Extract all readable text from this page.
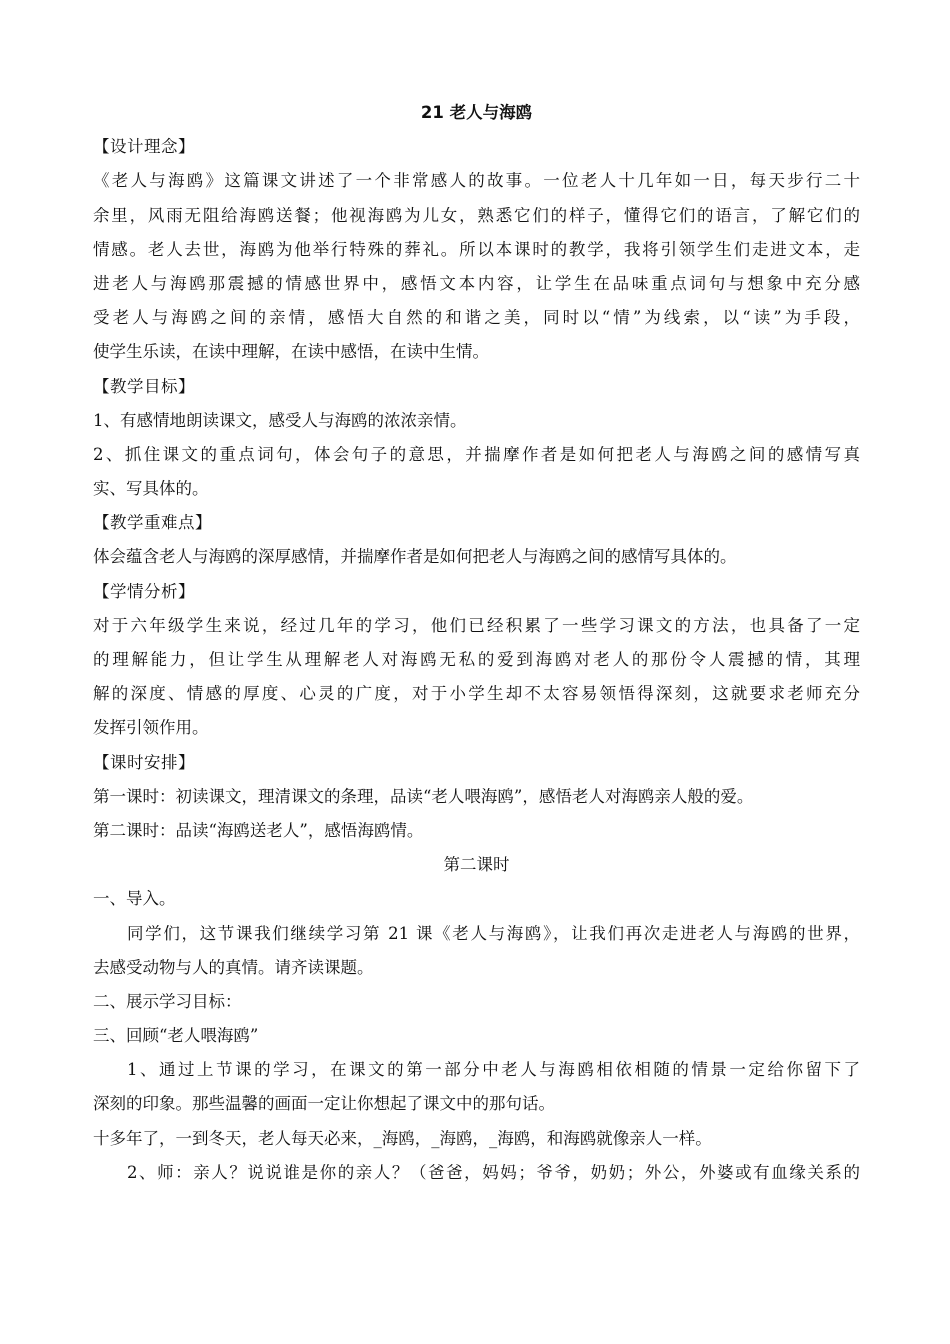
21 老人与海鸥
【设计理念】
《老人与海鸥》这篇课文讲述了一个非常感人的故事。一位老人十几年如一日，每天步行二十
余里，风雨无阻给海鸥送餐；他视海鸥为儿女，熟悉它们的样子，懂得它们的语言，了解它们的
情感。老人去世，海鸥为他举行特殊的葬礼。所以本课时的教学，我将引领学生们走进文本，走
进老人与海鸥那震撼的情感世界中，感悟文本内容，让学生在品味重点词句与想象中充分感
受老人与海鸥之间的亲情，感悟大自然的和谐之美，同时以“情”为线索，以“读”为手段，
使学生乐读，在读中理解，在读中感悟，在读中生情。
【教学目标】
1、有感情地朗读课文，感受人与海鸥的浓浓亲情。
2、抓住课文的重点词句，体会句子的意思，并揣摩作者是如何把老人与海鸥之间的感情写真
实、写具体的。
【教学重难点】
体会蕴含老人与海鸥的深厚感情，并揣摩作者是如何把老人与海鸥之间的感情写具体的。
【学情分析】
对于六年级学生来说，经过几年的学习，他们已经积累了一些学习课文的方法，也具备了一定
的理解能力，但让学生从理解老人对海鸥无私的爱到海鸥对老人的那份令人震撼的情，其理
解的深度、情感的厚度、心灵的广度，对于小学生却不太容易领悟得深刻，这就要求老师充分
发挥引领作用。
【课时安排】
第一课时：初读课文，理清课文的条理，品读“老人喂海鸥”，感悟老人对海鸥亲人般的爱。
第二课时：品读“海鸥送老人”，感悟海鸥情。
第二课时
一、导入。
同学们，这节课我们继续学习第 21 课《老人与海鸥》，让我们再次走进老人与海鸥的世界，
去感受动物与人的真情。请齐读课题。
二、展示学习目标：
三、回顾“老人喂海鸥”
1、通过上节课的学习，在课文的第一部分中老人与海鸥相依相随的情景一定给你留下了
深刻的印象。那些温馨的画面一定让你想起了课文中的那句话。
十多年了，一到冬天，老人每天必来，_海鸥，_海鸥，_海鸥，和海鸥就像亲人一样。
2、师：亲人？说说谁是你的亲人？（爸爸，妈妈；爷爷，奶奶；外公，外婆或有血缘关系的
